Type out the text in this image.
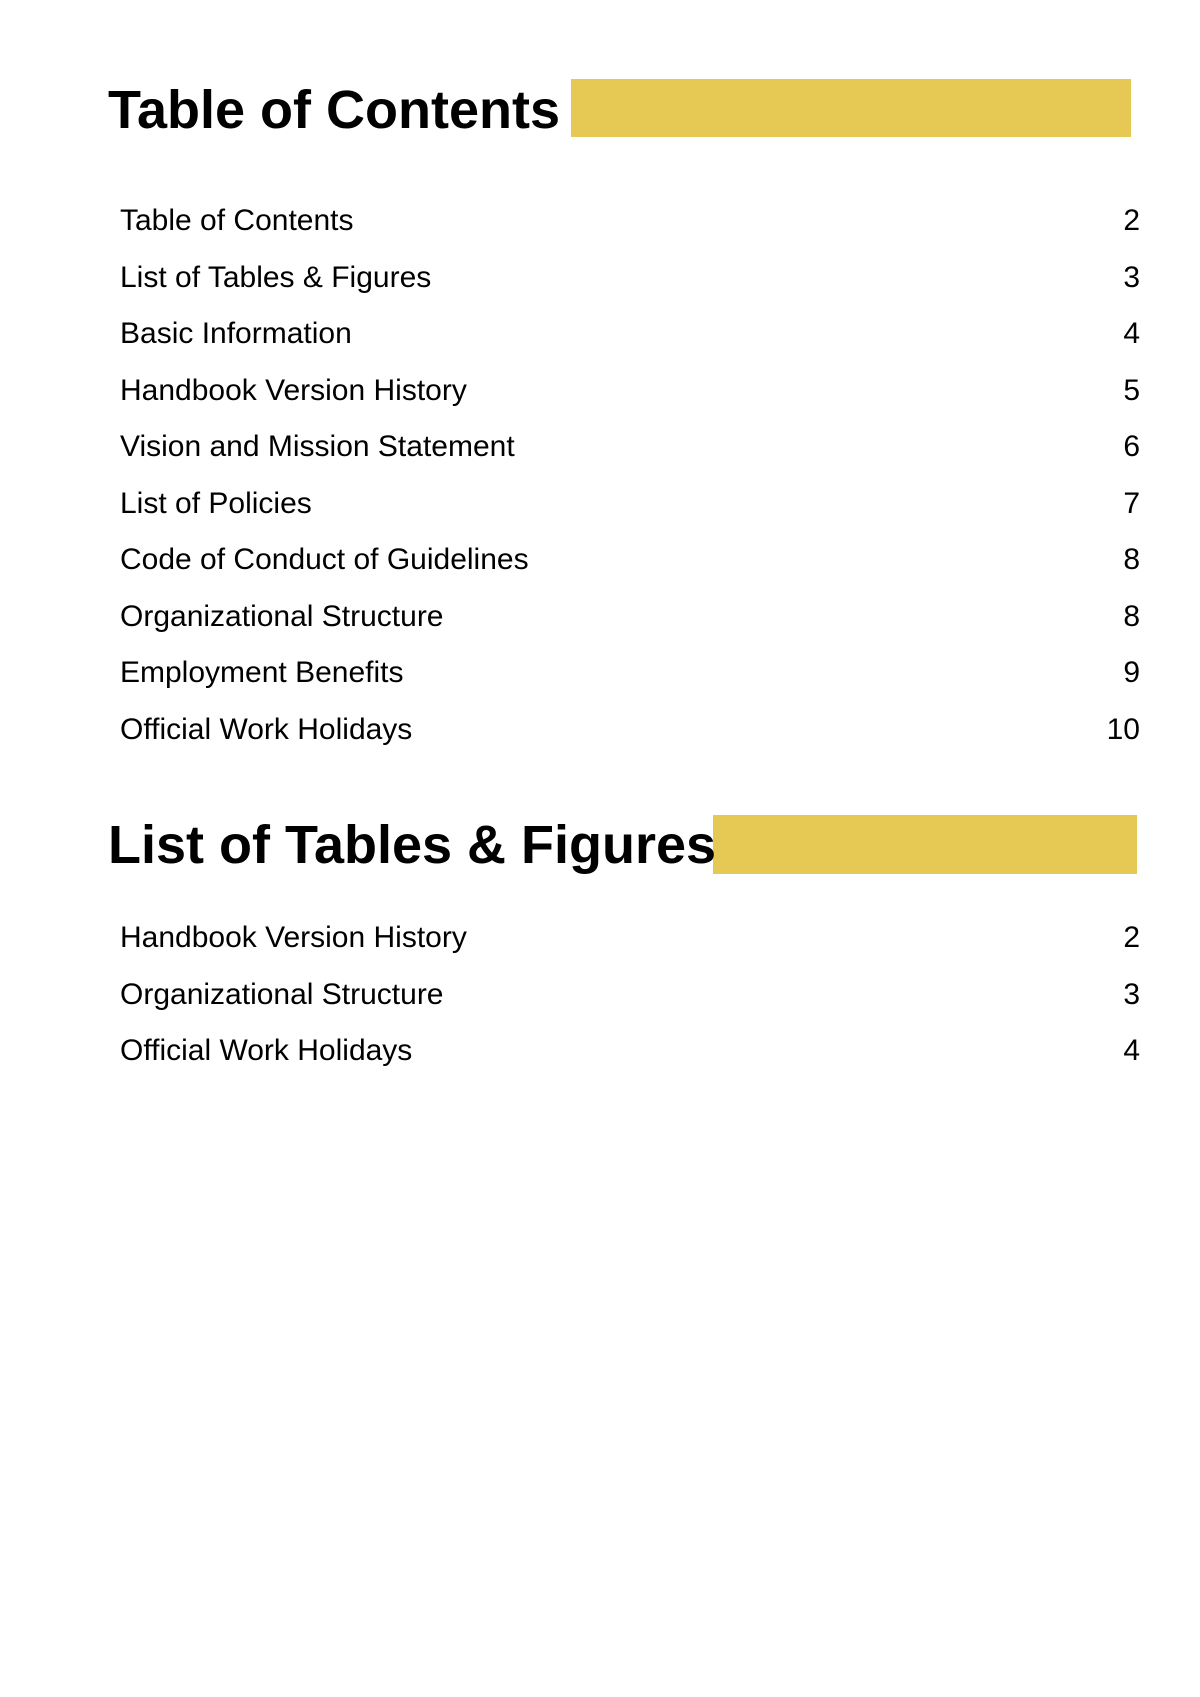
Table of Contents
Table of Contents	2
List of Tables & Figures	3
Basic Information	4
Handbook Version History	5
Vision and Mission Statement	6
List of Policies	7
Code of Conduct of Guidelines	8
Organizational Structure	8
Employment Benefits	9
Official Work Holidays	10
List of Tables & Figures
Handbook Version History	2
Organizational Structure	3
Official Work Holidays	4
